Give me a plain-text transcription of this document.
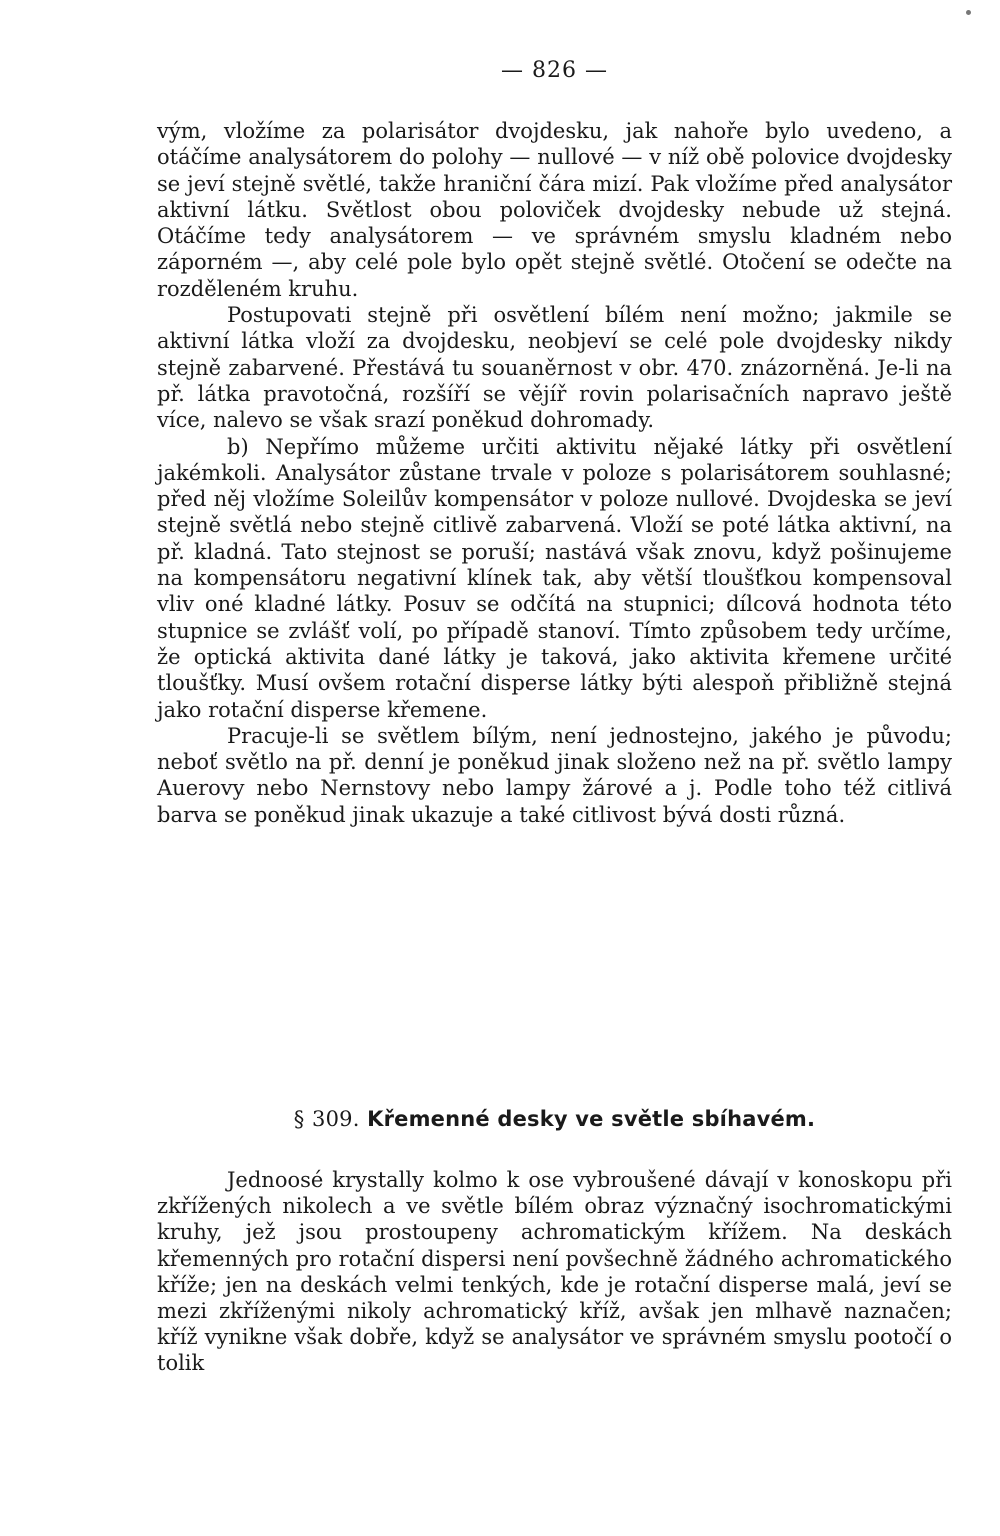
— 826 —

vým, vložíme za polarisátor dvojdesku, jak nahoře bylo uvedeno, a otáčíme analysátorem do polohy — nullové — v níž obě polovice dvojdesky se jeví stejně světlé, takže hraniční čára mizí. Pak vložíme před analysátor aktivní látku. Světlost obou poloviček dvojdesky nebude už stejná. Otáčíme tedy analysátorem — ve správném smyslu kladném nebo záporném —, aby celé pole bylo opět stejně světlé. Otočení se odečte na rozděleném kruhu.

Postupovati stejně při osvětlení bílém není možno; jakmile se aktivní látka vloží za dvojdesku, neobjeví se celé pole dvojdesky nikdy stejně zabarvené. Přestává tu souaněrnost v obr. 470. znázorněná. Je-li na př. látka pravotočná, rozšíří se vějíř rovin polarisačních napravo ještě více, nalevo se však srazí poněkud dohromady.

b) Nepřímo můžeme určiti aktivitu nějaké látky při osvětlení jakémkoli. Analysátor zůstane trvale v poloze s polarisátorem souhlasné; před něj vložíme Soleilův kompensátor v poloze nullové. Dvojdeska se jeví stejně světlá nebo stejně citlivě zabarvená. Vloží se poté látka aktivní, na př. kladná. Tato stejnost se poruší; nastává však znovu, když pošinujeme na kompensátoru negativní klínek tak, aby větší tloušťkou kompensoval vliv oné kladné látky. Posuv se odčítá na stupnici; dílcová hodnota této stupnice se zvlášť volí, po případě stanoví. Tímto způsobem tedy určíme, že optická aktivita dané látky je taková, jako aktivita křemene určité tloušťky. Musí ovšem rotační disperse látky býti alespoň přibližně stejná jako rotační disperse křemene.

Pracuje-li se světlem bílým, není jednostejno, jakého je původu; neboť světlo na př. denní je poněkud jinak složeno než na př. světlo lampy Auerovy nebo Nernstovy nebo lampy žárové a j. Podle toho též citlivá barva se poněkud jinak ukazuje a také citlivost bývá dosti různá.

§ 309. Křemenné desky ve světle sbíhavém.

Jednoosé krystally kolmo k ose vybroušené dávají v konoskopu při zkřížených nikolech a ve světle bílém obraz význačný isochromatickými kruhy, jež jsou prostoupeny achromatickým křížem. Na deskách křemenných pro rotační dispersi není povšechně žádného achromatického kříže; jen na deskách velmi tenkých, kde je rotační disperse malá, jeví se mezi zkříženými nikoly achromatický kříž, avšak jen mlhavě naznačen; kříž vynikne však dobře, když se analysátor ve správném smyslu pootočí o tolik
